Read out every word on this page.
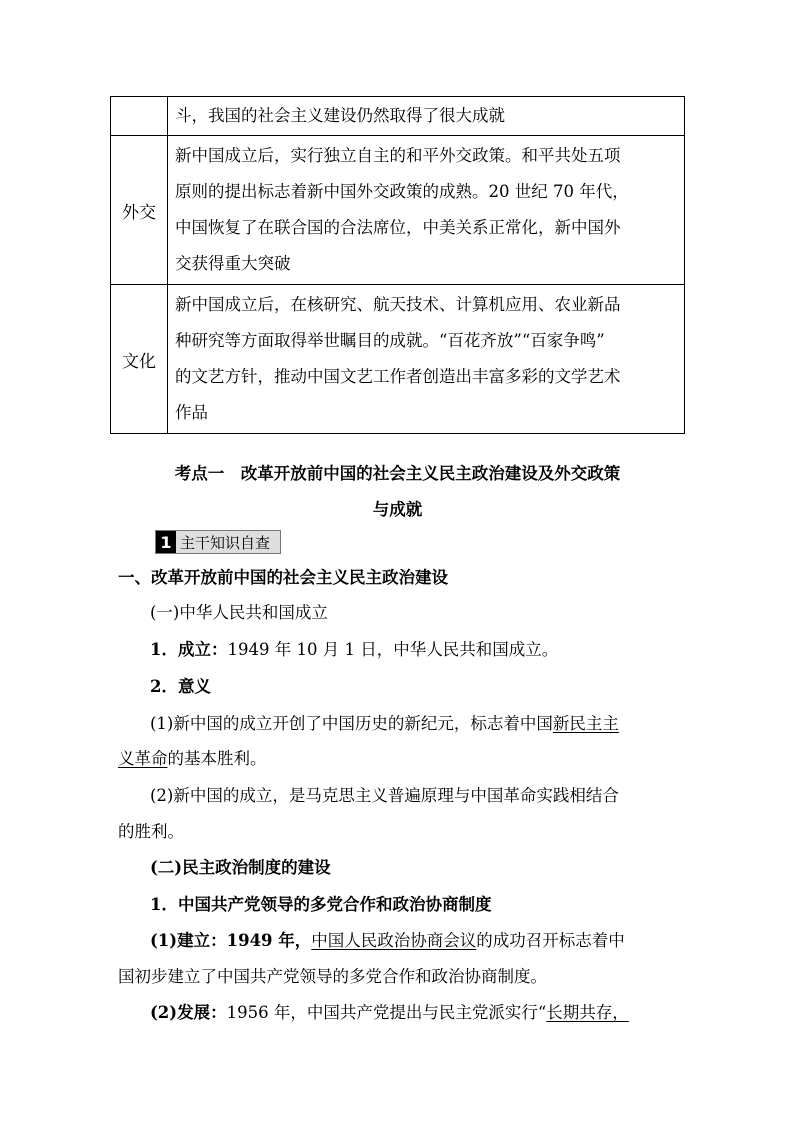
	斗，我国的社会主义建设仍然取得了很大成就
外交	新中国成立后，实行独立自主的和平外交政策。和平共处五项
原则的提出标志着新中国外交政策的成熟。20 世纪 70 年代，
中国恢复了在联合国的合法席位，中美关系正常化，新中国外
交获得重大突破

文化	新中国成立后，在核研究、航天技术、计算机应用、农业新品
种研究等方面取得举世瞩目的成就。“百花齐放”“百家争鸣”
的文艺方针，推动中国文艺工作者创造出丰富多彩的文学艺术
作品
考点一　改革开放前中国的社会主义民主政治建设及外交政策
与成就
1 主干知识自查
一、改革开放前中国的社会主义民主政治建设
(一)中华人民共和国成立
1．成立：1949 年 10 月 1 日，中华人民共和国成立。
2．意义
(1)新中国的成立开创了中国历史的新纪元，标志着中国新民主主
义革命的基本胜利。
(2)新中国的成立，是马克思主义普遍原理与中国革命实践相结合
的胜利。
(二)民主政治制度的建设
1．中国共产党领导的多党合作和政治协商制度
(1)建立：1949 年，中国人民政治协商会议的成功召开标志着中
国初步建立了中国共产党领导的多党合作和政治协商制度。
(2)发展：1956 年，中国共产党提出与民主党派实行“长期共存，
